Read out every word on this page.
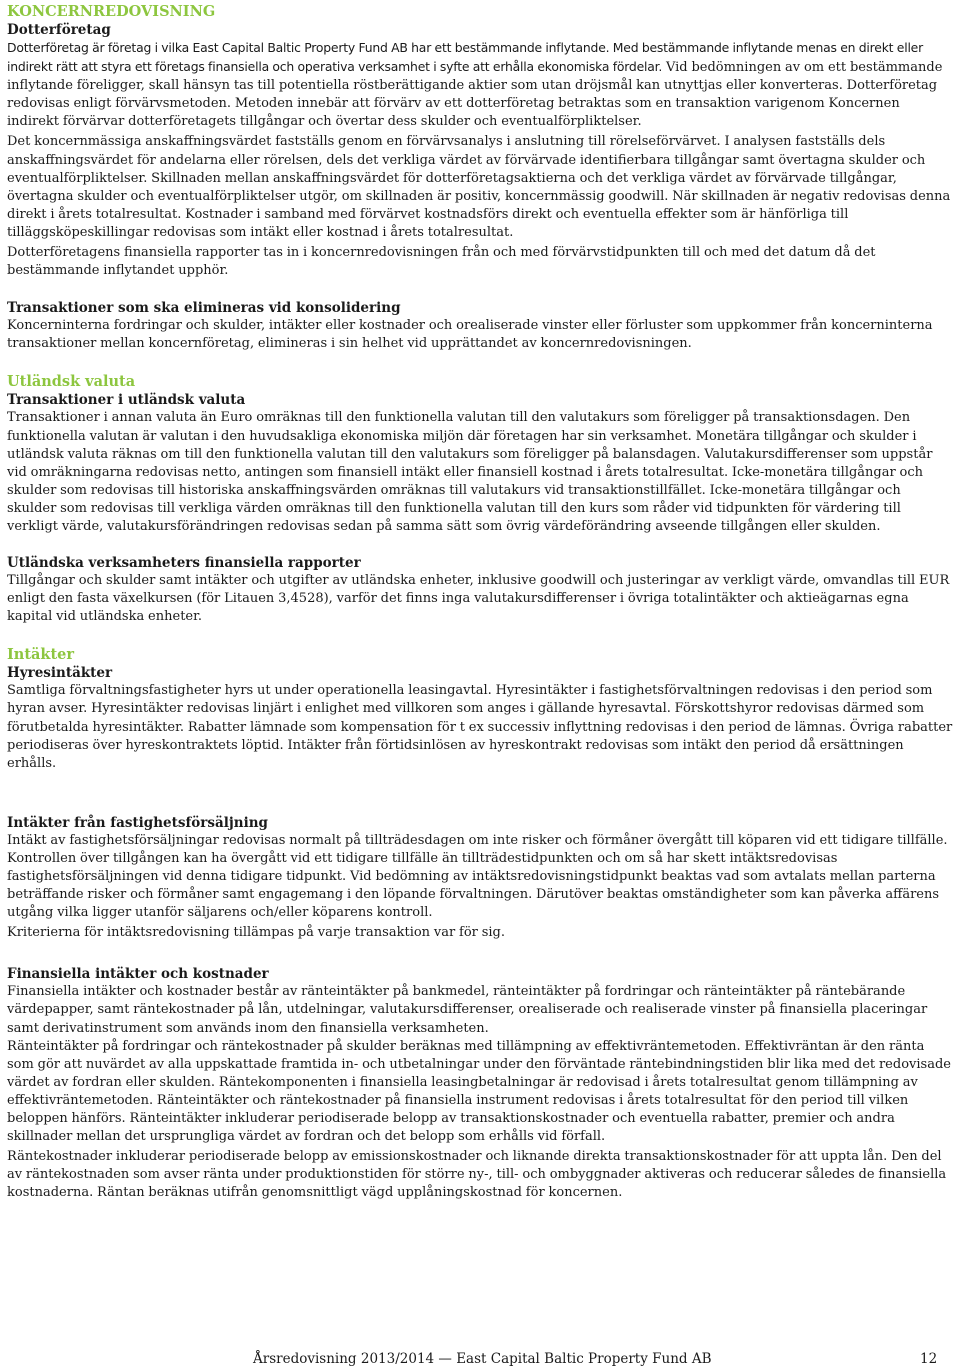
KONCERNREDOVISNING
Dotterföretag

Dotterföretag är företag i vilka East Capital Baltic Property Fund AB har ett bestämmande inflytande. Med bestämmande inflytande menas en direkt eller indirekt rätt att styra ett företags finansiella och operativa verksamhet i syfte att erhålla ekonomiska fördelar. Vid bedömningen av om ett bestämmande inflytande föreligger, skall hänsyn tas till potentiella röstberättigande aktier som utan dröjsmål kan utnyttjas eller konverteras. Dotterföretag redovisas enligt förvärvsmetoden. Metoden innebär att förvärv av ett dotterföretag betraktas som en transaktion varigenom Koncernen indirekt förvärvar dotterföretagets tillgångar och övertar dess skulder och eventualförpliktelser.

Det koncernmässiga anskaffningsvärdet fastställs genom en förvärvsanalys i anslutning till rörelseförvärvet. I analysen fastställs dels anskaffningsvärdet för andelarna eller rörelsen, dels det verkliga värdet av förvärvade identifierbara tillgångar samt övertagna skulder och eventualförpliktelser. Skillnaden mellan anskaffningsvärdet för dotterföretagsaktierna och det verkliga värdet av förvärvade tillgångar, övertagna skulder och eventualförpliktelser utgör, om skillnaden är positiv, koncernmässig goodwill. När skillnaden är negativ redovisas denna direkt i årets totalresultat. Kostnader i samband med förvärvet kostnadsförs direkt och eventuella effekter som är hänförliga till tilläggsköpeskillingar redovisas som intäkt eller kostnad i årets totalresultat.

Dotterföretagens finansiella rapporter tas in i koncernredovisningen från och med förvärvstidpunkten till och med det datum då det bestämmande inflytandet upphör.

Transaktioner som ska elimineras vid konsolidering

Koncerninterna fordringar och skulder, intäkter eller kostnader och orealiserade vinster eller förluster som uppkommer från koncerninterna transaktioner mellan koncernföretag, elimineras i sin helhet vid upprättandet av koncernredovisningen.

Utländsk valuta
Transaktioner i utländsk valuta

Transaktioner i annan valuta än Euro omräknas till den funktionella valutan till den valutakurs som föreligger på transaktionsdagen. Den funktionella valutan är valutan i den huvudsakliga ekonomiska miljön där företagen har sin verksamhet. Monetära tillgångar och skulder i utländsk valuta räknas om till den funktionella valutan till den valutakurs som föreligger på balansdagen. Valutakursdifferenser som uppstår vid omräkningarna redovisas netto, antingen som finansiell intäkt eller finansiell kostnad i årets totalresultat. Icke-monetära tillgångar och skulder som redovisas till historiska anskaffningsvärden omräknas till valutakurs vid transaktionstillfället. Icke-monetära tillgångar och skulder som redovisas till verkliga värden omräknas till den funktionella valutan till den kurs som råder vid tidpunkten för värdering till verkligt värde, valutakursförändringen redovisas sedan på samma sätt som övrig värdeförändring avseende tillgången eller skulden.

Utländska verksamheters finansiella rapporter

Tillgångar och skulder samt intäkter och utgifter av utländska enheter, inklusive goodwill och justeringar av verkligt värde, omvandlas till EUR enligt den fasta växelkursen (för Litauen 3,4528), varför det finns inga valutakursdifferenser i övriga totalintäkter och aktieägarnas egna kapital vid utländska enheter.

Intäkter
Hyresintäkter

Samtliga förvaltningsfastigheter hyrs ut under operationella leasingavtal. Hyresintäkter i fastighetsförvaltningen redovisas i den period som hyran avser. Hyresintäkter redovisas linjärt i enlighet med villkoren som anges i gällande hyresavtal. Förskottshyror redovisas därmed som förutbetalda hyresintäkter. Rabatter lämnade som kompensation för t ex successiv inflyttning redovisas i den period de lämnas. Övriga rabatter periodiseras över hyreskontraktets löptid. Intäkter från förtidsinlösen av hyreskontrakt redovisas som intäkt den period då ersättningen erhålls.

Intäkter från fastighetsförsäljning

Intäkt av fastighetsförsäljningar redovisas normalt på tillträdesdagen om inte risker och förmåner övergått till köparen vid ett tidigare tillfälle. Kontrollen över tillgången kan ha övergått vid ett tidigare tillfälle än tillträdestidpunkten och om så har skett intäktsredovisas fastighetsförsäljningen vid denna tidigare tidpunkt. Vid bedömning av intäktsredovisningstidpunkt beaktas vad som avtalats mellan parterna beträffande risker och förmåner samt engagemang i den löpande förvaltningen. Därutöver beaktas omständigheter som kan påverka affärens utgång vilka ligger utanför säljarens och/eller köparens kontroll.

Kriterierna för intäktsredovisning tillämpas på varje transaktion var för sig.

Finansiella intäkter och kostnader

Finansiella intäkter och kostnader består av ränteintäkter på bankmedel, ränteintäkter på fordringar och ränteintäkter på räntebärande värdepapper, samt räntekostnader på lån, utdelningar, valutakursdifferenser, orealiserade och realiserade vinster på finansiella placeringar samt derivatinstrument som används inom den finansiella verksamheten.

Ränteintäkter på fordringar och räntekostnader på skulder beräknas med tillämpning av effektivräntemetoden. Effektivräntan är den ränta som gör att nuvärdet av alla uppskattade framtida in- och utbetalningar under den förväntade räntebindningstiden blir lika med det redovisade värdet av fordran eller skulden. Räntekomponenten i finansiella leasingbetalningar är redovisad i årets totalresultat genom tillämpning av effektivräntemetoden. Ränteintäkter och räntekostnader på finansiella instrument redovisas i årets totalresultat för den period till vilken beloppen hänförs. Ränteintäkter inkluderar periodiserade belopp av transaktionskostnader och eventuella rabatter, premier och andra skillnader mellan det ursprungliga värdet av fordran och det belopp som erhålls vid förfall.

Räntekostnader inkluderar periodiserade belopp av emissionskostnader och liknande direkta transaktionskostnader för att uppta lån. Den del av räntekostnaden som avser ränta under produktionstiden för större ny-, till- och ombyggnader aktiveras och reducerar således de finansiella kostnaderna. Räntan beräknas utifrån genomsnittligt vägd upplåningskostnad för koncernen.

Årsredovisning 2013/2014 — East Capital Baltic Property Fund AB	12
